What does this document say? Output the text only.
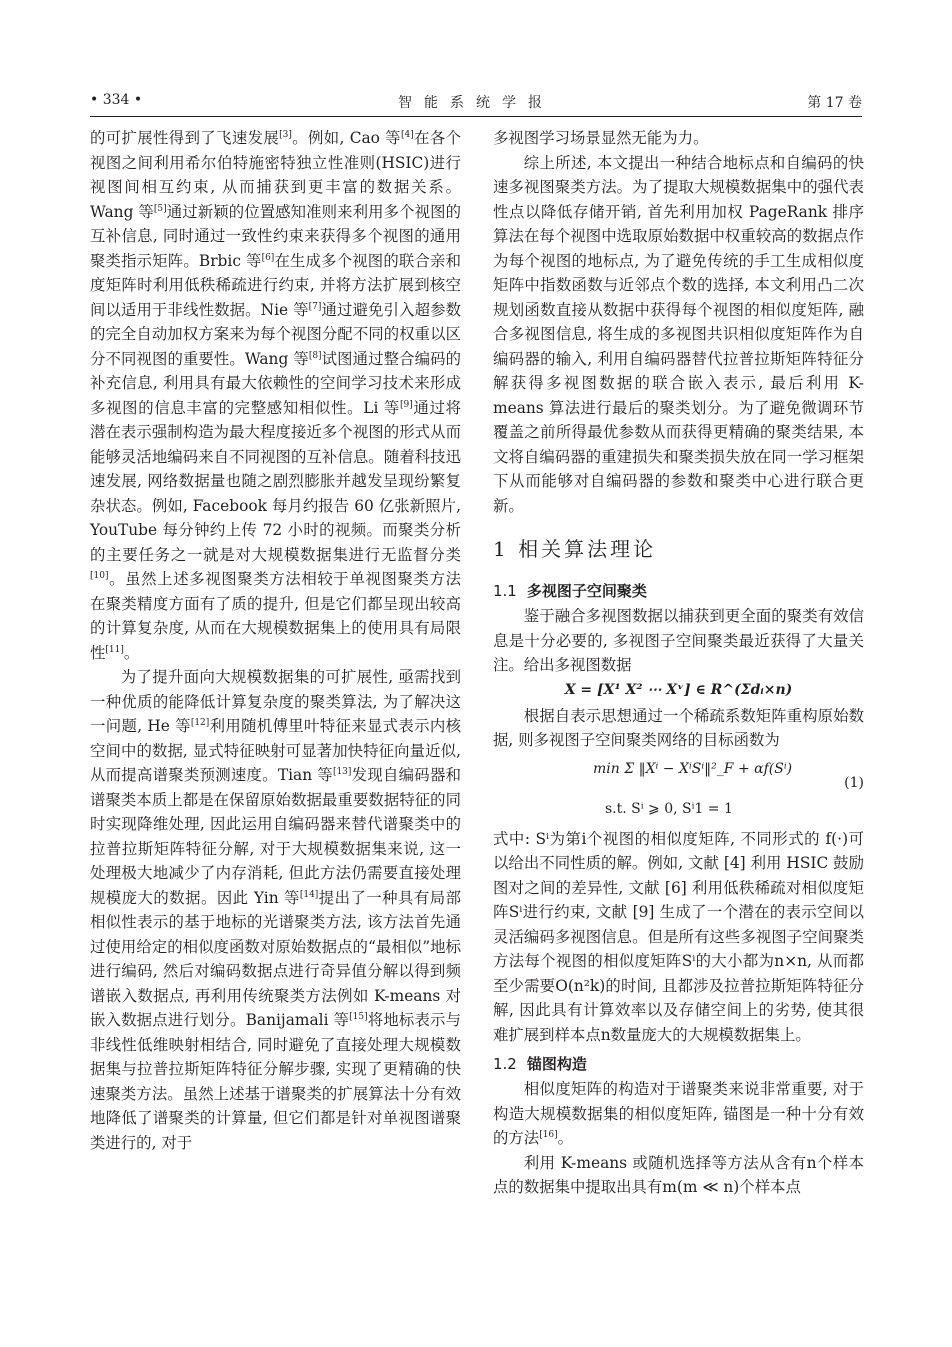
• 334 •	智能系统学报	第 17 卷

的可扩展性得到了飞速发展[3]。例如, Cao 等[4]在各个视图之间利用希尔伯特施密特独立性准则(HSIC)进行视图间相互约束, 从而捕获到更丰富的数据关系。Wang 等[5]通过新颖的位置感知准则来利用多个视图的互补信息, 同时通过一致性约束来获得多个视图的通用聚类指示矩阵。Brbic 等[6]在生成多个视图的联合亲和度矩阵时利用低秩稀疏进行约束, 并将方法扩展到核空间以适用于非线性数据。Nie 等[7]通过避免引入超参数的完全自动加权方案来为每个视图分配不同的权重以区分不同视图的重要性。Wang 等[8]试图通过整合编码的补充信息, 利用具有最大依赖性的空间学习技术来形成多视图的信息丰富的完整感知相似性。Li 等[9]通过将潜在表示强制构造为最大程度接近多个视图的形式从而能够灵活地编码来自不同视图的互补信息。随着科技迅速发展, 网络数据量也随之剧烈膨胀并越发呈现纷繁复杂状态。例如, Facebook 每月约报告 60 亿张新照片, YouTube 每分钟约上传 72 小时的视频。而聚类分析的主要任务之一就是对大规模数据集进行无监督分类[10]。虽然上述多视图聚类方法相较于单视图聚类方法在聚类精度方面有了质的提升, 但是它们都呈现出较高的计算复杂度, 从而在大规模数据集上的使用具有局限性[11]。

为了提升面向大规模数据集的可扩展性, 亟需找到一种优质的能降低计算复杂度的聚类算法, 为了解决这一问题, He 等[12]利用随机傅里叶特征来显式表示内核空间中的数据, 显式特征映射可显著加快特征向量近似, 从而提高谱聚类预测速度。Tian 等[13]发现自编码器和谱聚类本质上都是在保留原始数据最重要数据特征的同时实现降维处理, 因此运用自编码器来替代谱聚类中的拉普拉斯矩阵特征分解, 对于大规模数据集来说, 这一处理极大地减少了内存消耗, 但此方法仍需要直接处理规模庞大的数据。因此 Yin 等[14]提出了一种具有局部相似性表示的基于地标的光谱聚类方法, 该方法首先通过使用给定的相似度函数对原始数据点的“最相似”地标进行编码, 然后对编码数据点进行奇异值分解以得到频谱嵌入数据点, 再利用传统聚类方法例如 K-means 对嵌入数据点进行划分。Banijamali 等[15]将地标表示与非线性低维映射相结合, 同时避免了直接处理大规模数据集与拉普拉斯矩阵特征分解步骤, 实现了更精确的快速聚类方法。虽然上述基于谱聚类的扩展算法十分有效地降低了谱聚类的计算量, 但它们都是针对单视图谱聚类进行的, 对于

多视图学习场景显然无能为力。

综上所述, 本文提出一种结合地标点和自编码的快速多视图聚类方法。为了提取大规模数据集中的强代表性点以降低存储开销, 首先利用加权 PageRank 排序算法在每个视图中选取原始数据中权重较高的数据点作为每个视图的地标点, 为了避免传统的手工生成相似度矩阵中指数函数与近邻点个数的选择, 本文利用凸二次规划函数直接从数据中获得每个视图的相似度矩阵, 融合多视图信息, 将生成的多视图共识相似度矩阵作为自编码器的输入, 利用自编码器替代拉普拉斯矩阵特征分解获得多视图数据的联合嵌入表示, 最后利用 K-means 算法进行最后的聚类划分。为了避免微调环节覆盖之前所得最优参数从而获得更精确的聚类结果, 本文将自编码器的重建损失和聚类损失放在同一学习框架下从而能够对自编码器的参数和聚类中心进行联合更新。

1 相关算法理论
1.1 多视图子空间聚类

鉴于融合多视图数据以捕获到更全面的聚类有效信息是十分必要的, 多视图子空间聚类最近获得了大量关注。给出多视图数据

X = [X¹ X² ⋯ Xᵛ] ∈ R^(Σdᵢ×n)

根据自表示思想通过一个稀疏系数矩阵重构原始数据, 则多视图子空间聚类网络的目标函数为

min Σ ‖Xⁱ − XⁱSⁱ‖²_F + αf(Sⁱ)
s.t. Sⁱ ⩾ 0, Sⁱ1 = 1
(1)

式中: Sⁱ为第i个视图的相似度矩阵, 不同形式的 f(·)可以给出不同性质的解。例如, 文献 [4] 利用 HSIC 鼓励图对之间的差异性, 文献 [6] 利用低秩稀疏对相似度矩阵Sⁱ进行约束, 文献 [9] 生成了一个潜在的表示空间以灵活编码多视图信息。但是所有这些多视图子空间聚类方法每个视图的相似度矩阵Sⁱ的大小都为n×n, 从而都至少需要O(n²k)的时间, 且都涉及拉普拉斯矩阵特征分解, 因此具有计算效率以及存储空间上的劣势, 使其很难扩展到样本点n数量庞大的大规模数据集上。

1.2 锚图构造

相似度矩阵的构造对于谱聚类来说非常重要, 对于构造大规模数据集的相似度矩阵, 锚图是一种十分有效的方法[16]。

利用 K-means 或随机选择等方法从含有n个样本点的数据集中提取出具有m(m ≪ n)个样本点
